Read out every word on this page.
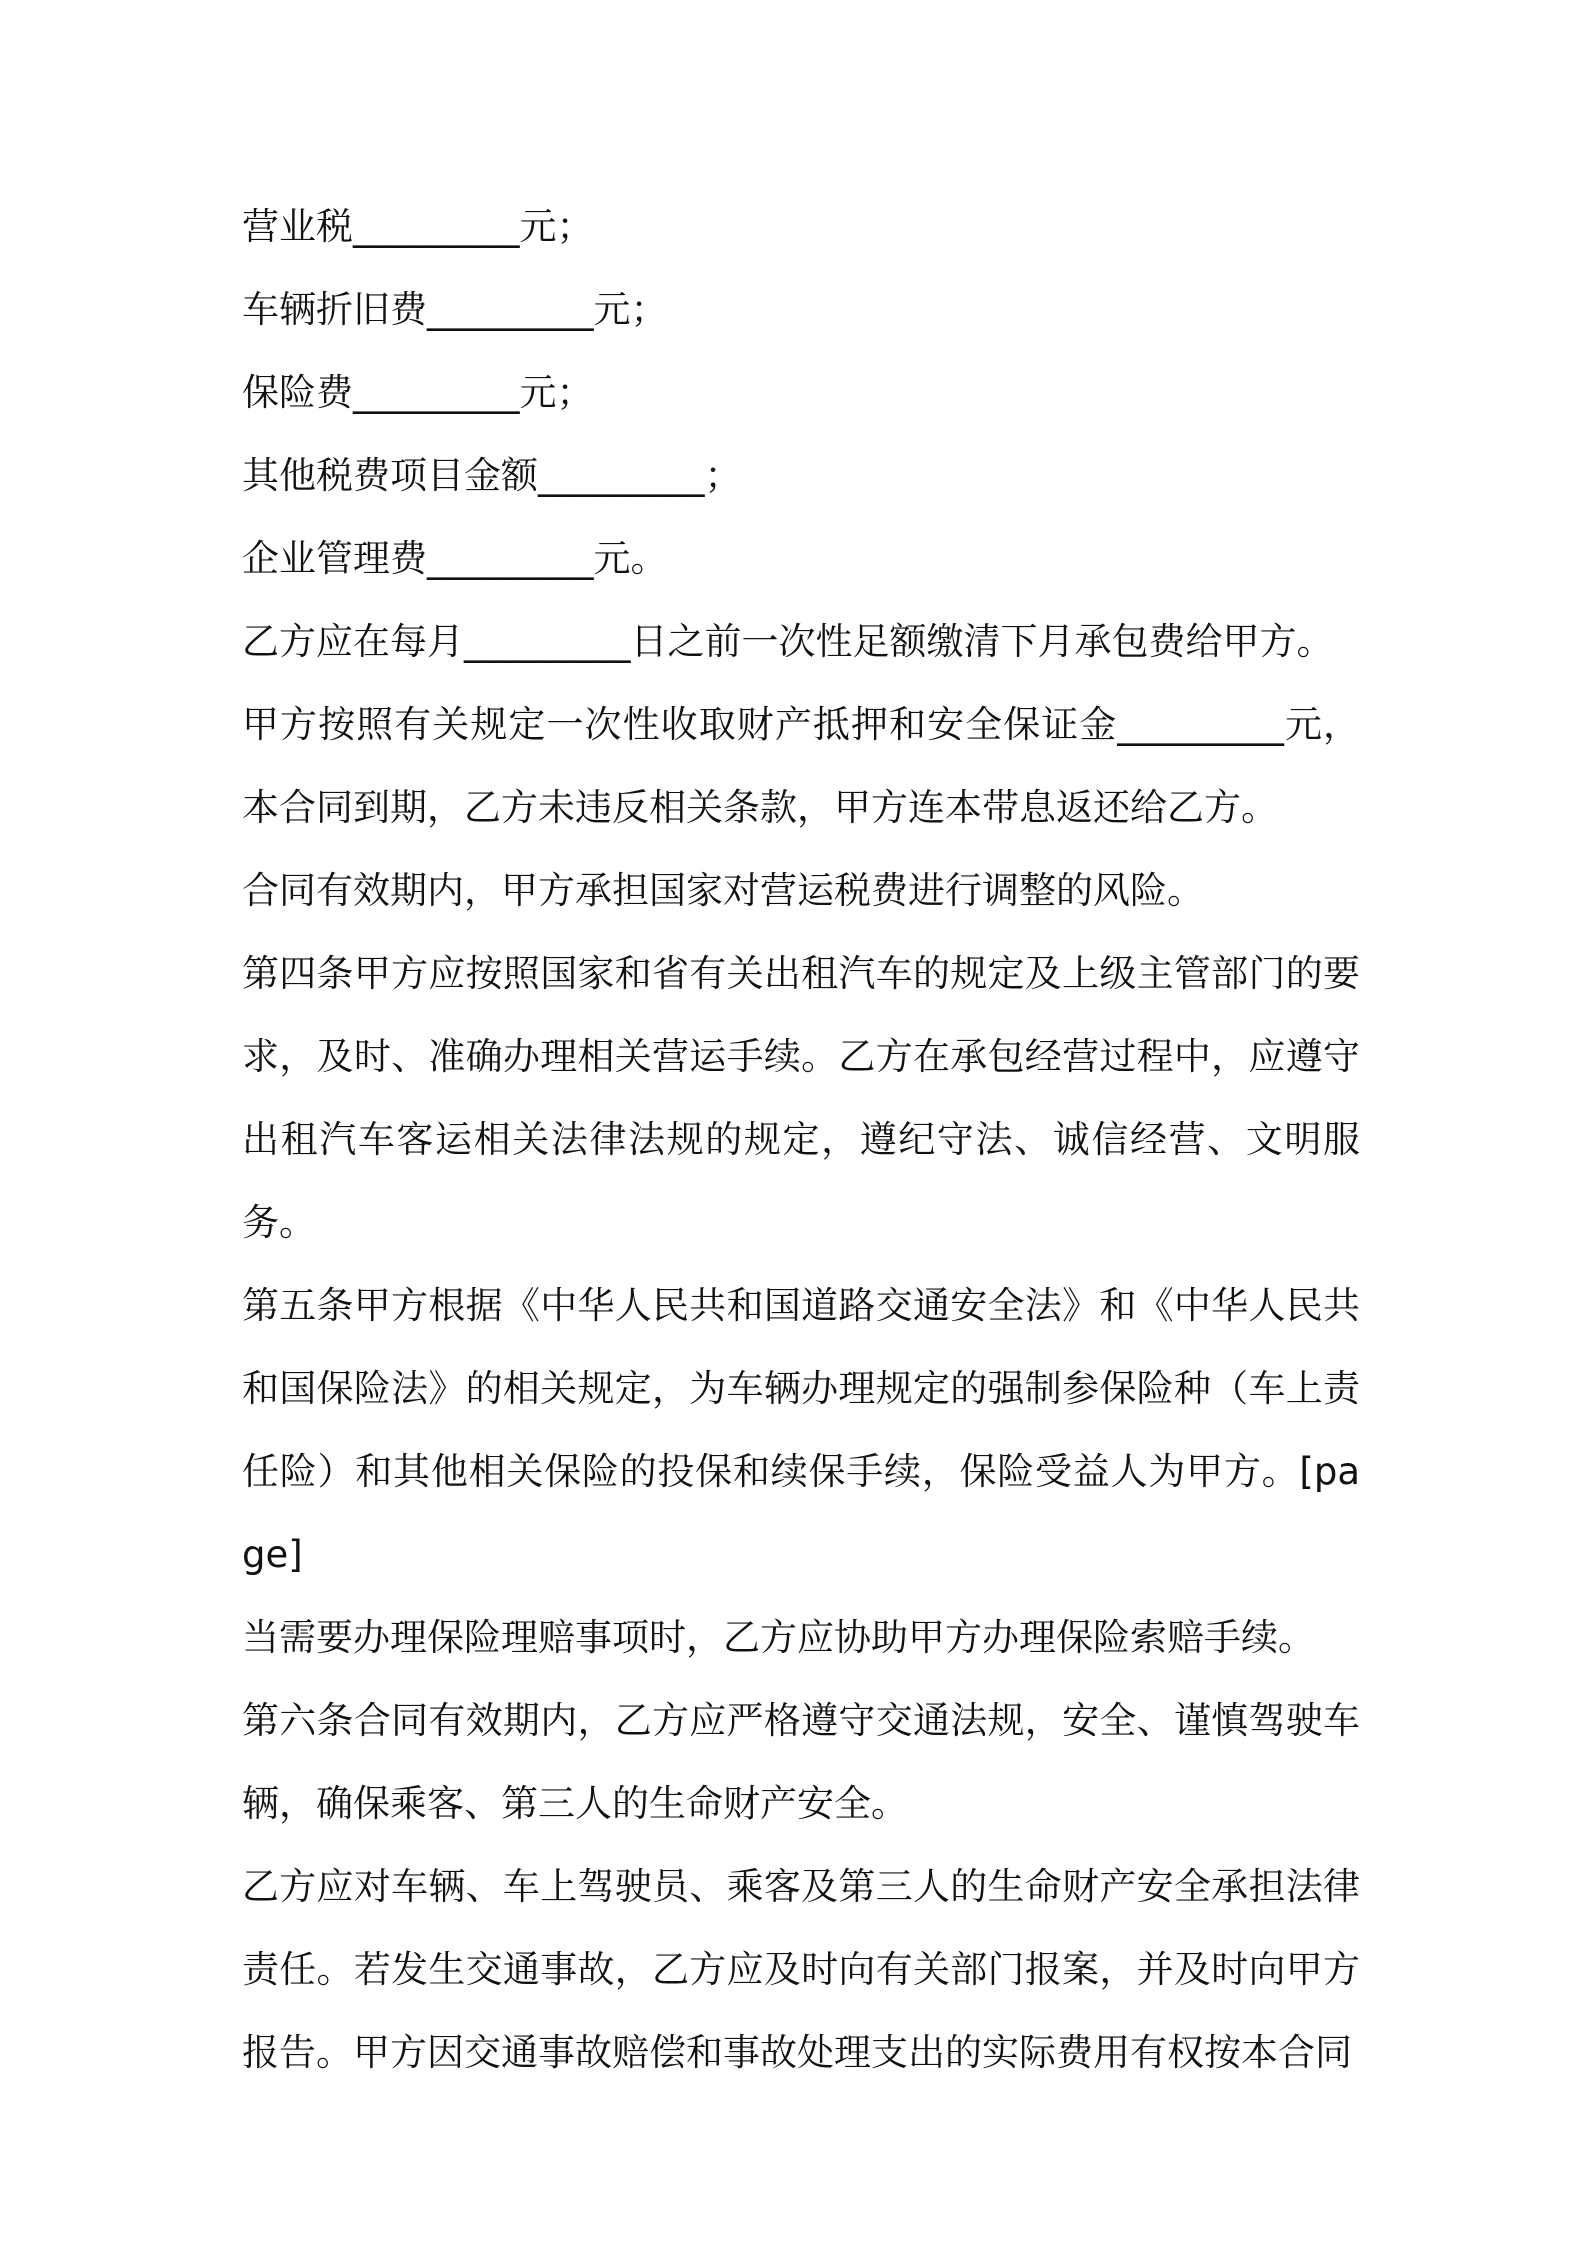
营业税_________元；

车辆折旧费_________元；

保险费_________元；

其他税费项目金额_________；

企业管理费_________元。

乙方应在每月_________日之前一次性足额缴清下月承包费给甲方。

甲方按照有关规定一次性收取财产抵押和安全保证金_________元，本合同到期，乙方未违反相关条款，甲方连本带息返还给乙方。

合同有效期内，甲方承担国家对营运税费进行调整的风险。

第四条甲方应按照国家和省有关出租汽车的规定及上级主管部门的要求，及时、准确办理相关营运手续。乙方在承包经营过程中，应遵守出租汽车客运相关法律法规的规定，遵纪守法、诚信经营、文明服务。

第五条甲方根据《中华人民共和国道路交通安全法》和《中华人民共和国保险法》的相关规定，为车辆办理规定的强制参保险种（车上责任险）和其他相关保险的投保和续保手续，保险受益人为甲方。[page]

当需要办理保险理赔事项时，乙方应协助甲方办理保险索赔手续。

第六条合同有效期内，乙方应严格遵守交通法规，安全、谨慎驾驶车辆，确保乘客、第三人的生命财产安全。

乙方应对车辆、车上驾驶员、乘客及第三人的生命财产安全承担法律责任。若发生交通事故，乙方应及时向有关部门报案，并及时向甲方报告。甲方因交通事故赔偿和事故处理支出的实际费用有权按本合同
